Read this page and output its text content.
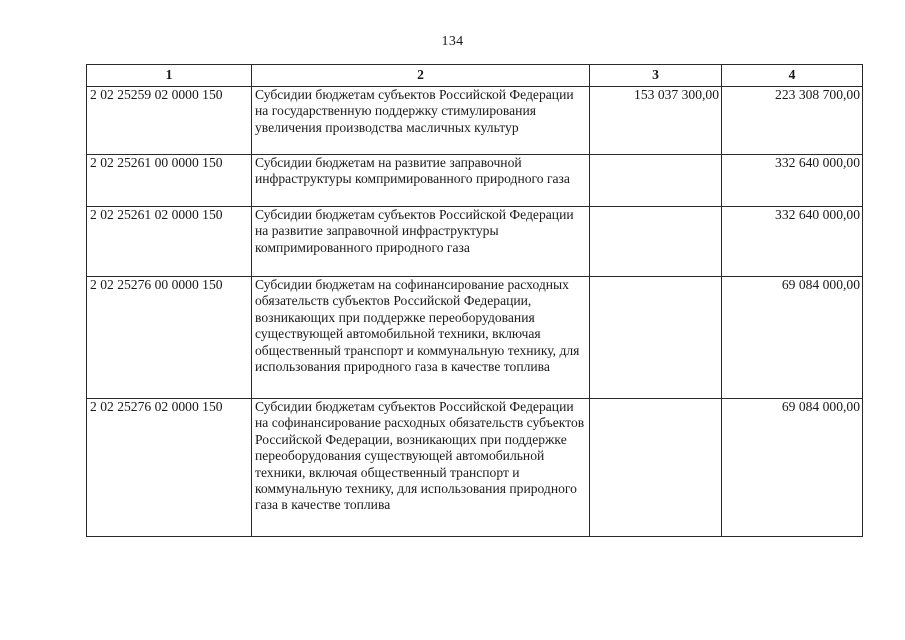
134
1	2	3	4
2 02 25259 02 0000 150	Субсидии бюджетам субъектов Российской Федерации на государственную поддержку стимулирования увеличения производства масличных культур	153 037 300,00	223 308 700,00
2 02 25261 00 0000 150	Субсидии бюджетам на развитие заправочной инфраструктуры компримированного природного газа		332 640 000,00
2 02 25261 02 0000 150	Субсидии бюджетам субъектов Российской Федерации на развитие заправочной инфраструктуры компримированного природного газа		332 640 000,00
2 02 25276 00 0000 150	Субсидии бюджетам на софинансирование расходных обязательств субъектов Российской Федерации, возникающих при поддержке переоборудования существующей автомобильной техники, включая общественный транспорт и коммунальную технику, для использования природного газа в качестве топлива		69 084 000,00
2 02 25276 02 0000 150	Субсидии бюджетам субъектов Российской Федерации на софинансирование расходных обязательств субъектов Российской Федерации, возникающих при поддержке переоборудования существующей автомобильной техники, включая общественный транспорт и коммунальную технику, для использования природного газа в качестве топлива		69 084 000,00
